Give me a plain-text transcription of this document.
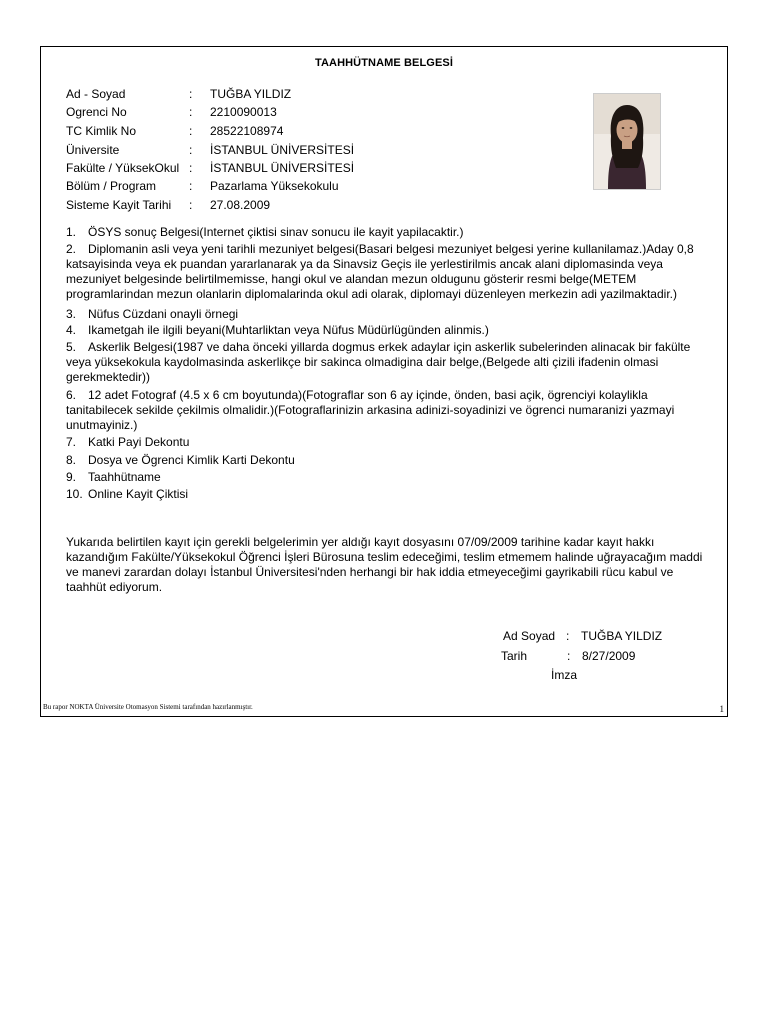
TAAHHÜTNAME BELGESİ
Ad - Soyad	: TUĞBA YILDIZ
Ogrenci No	: 2210090013
TC Kimlik No	: 28522108974
Üniversite	: İSTANBUL ÜNİVERSİTESİ
Fakülte / YüksekOkul : İSTANBUL ÜNİVERSİTESİ
Bölüm / Program	: Pazarlama Yüksekokulu
Sisteme Kayit Tarihi : 27.08.2009
1. ÖSYS sonuç Belgesi(Internet çiktisi sinav sonucu ile kayit yapilacaktir.)
2. Diplomanin asli veya yeni tarihli mezuniyet belgesi(Basari belgesi mezuniyet belgesi yerine kullanilamaz.)Aday 0,8 katsayisinda veya ek puandan yararlanarak ya da Sinavsiz Geçis ile yerlestirilmis ancak alani diplomasinda veya mezuniyet belgesinde belirtilmemisse, hangi okul ve alandan mezun oldugunu gösterir resmi belge(METEM programlarindan mezun olanlarin diplomalarinda okul adi olarak, diplomayi düzenleyen merkezin adi yazilmaktadir.)
3. Nüfus Cüzdani onayli örnegi
4. Ikametgah ile ilgili beyani(Muhtarliktan veya Nüfus Müdürlügünden alinmis.)
5. Askerlik Belgesi(1987 ve daha önceki yillarda dogmus erkek adaylar için askerlik subelerinden alinacak bir fakülte veya yüksekokula kaydolmasinda askerlikçe bir sakinca olmadigina dair belge,(Belgede alti çizili ifadenin olmasi gerekmektedir))
6. 12 adet Fotograf (4.5 x 6 cm boyutunda)(Fotograflar son 6 ay içinde, önden, basi açik, ögrenciyi kolaylikla tanitabilecek sekilde çekilmis olmalidir.)(Fotograflarinizin arkasina adinizi-soyadinizi ve ögrenci numaranizi yazmayi unutmayiniz.)
7. Katki Payi Dekontu
8. Dosya ve Ögrenci Kimlik Karti Dekontu
9. Taahhütname
10. Online Kayit Çiktisi
Yukarıda belirtilen kayıt için gerekli belgelerimin yer aldığı kayıt dosyasını 07/09/2009 tarihine kadar kayıt hakkı kazandığım Fakülte/Yüksekokul Öğrenci İşleri Bürosuna teslim edeceğimi, teslim etmemem halinde uğrayacağım maddi ve manevi zarardan dolayı İstanbul Üniversitesi'nden herhangi bir hak iddia etmeyeceğimi gayrikabili rücu kabul ve taahhüt ediyorum.
Ad Soyad : TUĞBA YILDIZ
Tarih	: 8/27/2009
İmza
Bu rapor NOKTA Üniversite Otomasyon Sistemi tarafından hazırlanmıştır.	1
